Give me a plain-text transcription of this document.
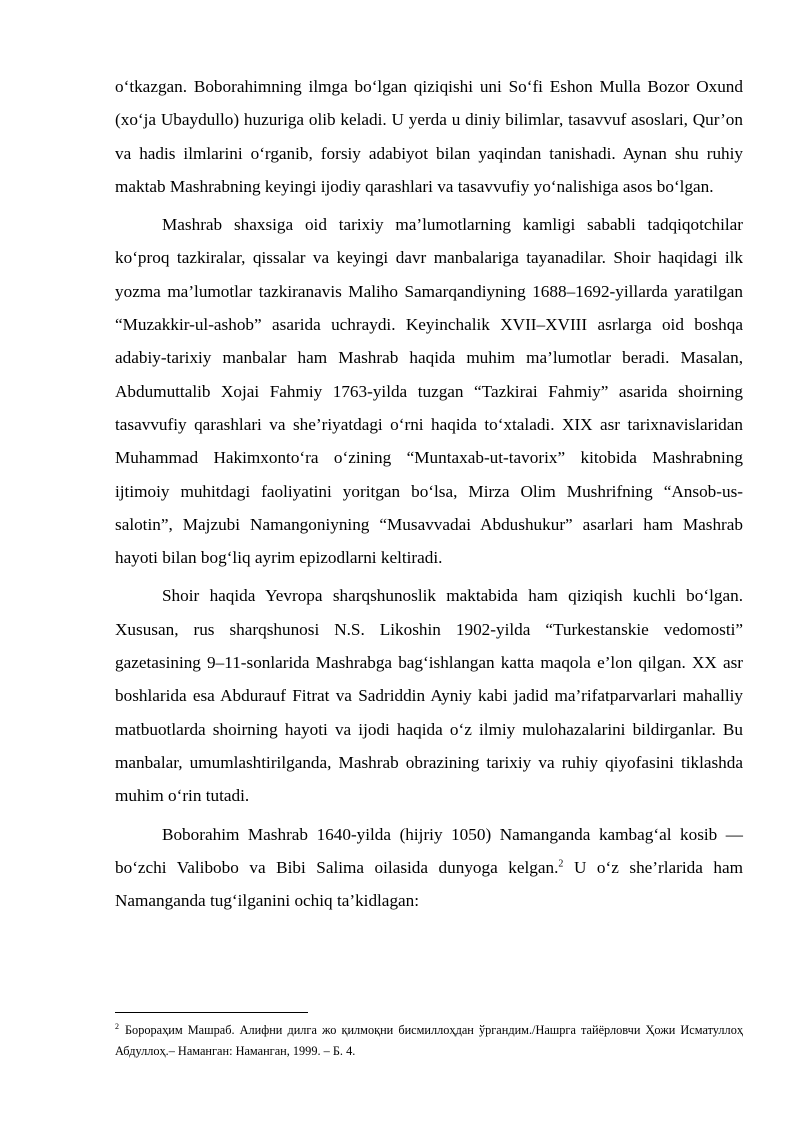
o‘tkazgan. Boborahimning ilmga bo‘lgan qiziqishi uni So‘fi Eshon Mulla Bozor Oxund (xo‘ja Ubaydullo) huzuriga olib keladi. U yerda u diniy bilimlar, tasavvuf asoslari, Qur’on va hadis ilmlarini o‘rganib, forsiy adabiyot bilan yaqindan tanishadi. Aynan shu ruhiy maktab Mashrabning keyingi ijodiy qarashlari va tasavvufiy yo‘nalishiga asos bo‘lgan.

Mashrab shaxsiga oid tarixiy ma’lumotlarning kamligi sababli tadqiqotchilar ko‘proq tazkiralar, qissalar va keyingi davr manbalariga tayanadilar. Shoir haqidagi ilk yozma ma’lumotlar tazkiranavis Maliho Samarqandiyning 1688–1692-yillarda yaratilgan “Muzakkir-ul-ashob” asarida uchraydi. Keyinchalik XVII–XVIII asrlarga oid boshqa adabiy-tarixiy manbalar ham Mashrab haqida muhim ma’lumotlar beradi. Masalan, Abdumuttalib Xojai Fahmiy 1763-yilda tuzgan “Tazkirai Fahmiy” asarida shoirning tasavvufiy qarashlari va she’riyatdagi o‘rni haqida to‘xtaladi. XIX asr tarixnavislaridan Muhammad Hakimxonto‘ra o‘zining “Muntaxab-ut-tavorix” kitobida Mashrabning ijtimoiy muhitdagi faoliyatini yoritgan bo‘lsa, Mirza Olim Mushrifning “Ansob-us-salotin”, Majzubi Namangoniyning “Musavvadai Abdushukur” asarlari ham Mashrab hayoti bilan bog‘liq ayrim epizodlarni keltiradi.

Shoir haqida Yevropa sharqshunoslik maktabida ham qiziqish kuchli bo‘lgan. Xususan, rus sharqshunosi N.S. Likoshin 1902-yilda “Turkestanskie vedomosti” gazetasining 9–11-sonlarida Mashrabga bag‘ishlangan katta maqola e’lon qilgan. XX asr boshlarida esa Abdurauf Fitrat va Sadriddin Ayniy kabi jadid ma’rifatparvarlari mahalliy matbuotlarda shoirning hayoti va ijodi haqida o‘z ilmiy mulohazalarini bildirganlar. Bu manbalar, umumlashtirilganda, Mashrab obrazining tarixiy va ruhiy qiyofasini tiklashda muhim o‘rin tutadi.

Boborahim Mashrab 1640-yilda (hijriy 1050) Namanganda kambag‘al kosib — bo‘zchi Valibobo va Bibi Salima oilasida dunyoga kelgan.$^2$ U o‘z she’rlarida ham Namanganda tug‘ilganini ochiq ta’kidlagan:

$^2$ Борораҳим Машраб. Алифни дилга жо қилмоқни бисмиллоҳдан ўргандим./Нашрга тайёрловчи Ҳожи Исматуллоҳ Абдуллоҳ.– Наманган: Наманган, 1999. – Б. 4.
